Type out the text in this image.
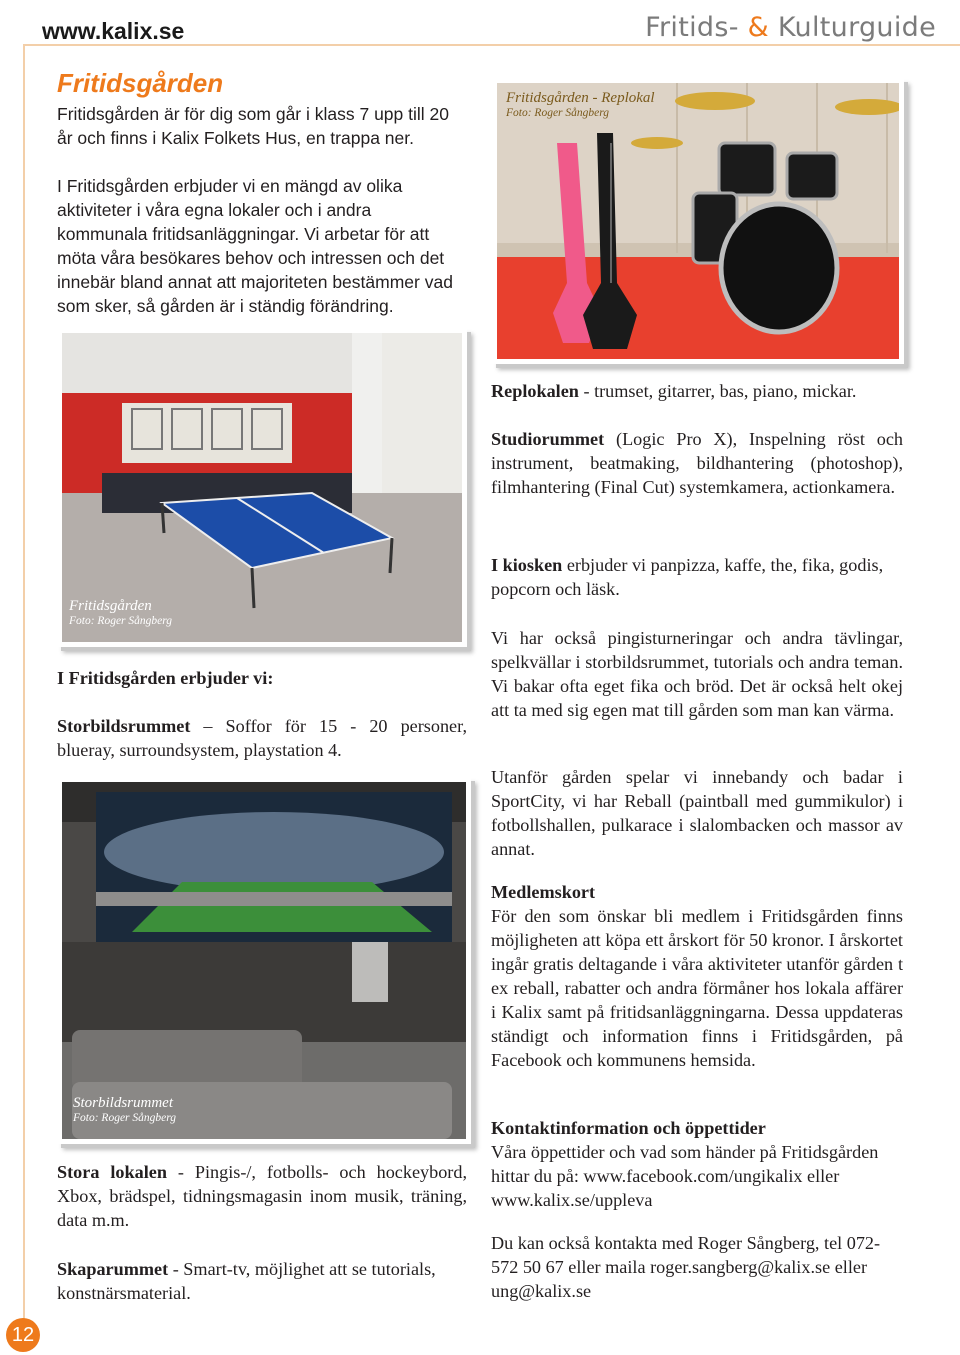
www.kalix.se	Fritids- & Kulturguide
Fritidsgården

Fritidsgården är för dig som går i klass 7 upp till 20 år och finns i Kalix Folkets Hus, en trappa ner.

I Fritidsgården erbjuder vi en mängd av olika aktiviteter i våra egna lokaler och i andra kommunala fritidsanläggningar. Vi arbetar för att möta våra besökares behov och intressen och det innebär bland annat att majoriteten bestämmer vad som sker, så gården är i ständig förändring.

Fritidsgården - Replokal
Foto: Roger Sångberg
Fritidsgården
Foto: Roger Sångberg

I Fritidsgården erbjuder vi:

Storbildsrummet – Soffor för 15 - 20 personer, blueray, surroundsystem, playstation 4.

Storbildsrummet
Foto: Roger Sångberg

Stora lokalen - Pingis-/, fotbolls- och hockeybord, Xbox, brädspel, tidningsmagasin inom musik, träning, data m.m.

Skaparummet - Smart-tv, möjlighet att se tutorials, konstnärsmaterial.

Replokalen - trumset, gitarrer, bas, piano, mickar.

Studiorummet (Logic Pro X), Inspelning röst och instrument, beatmaking, bildhantering (photoshop), filmhantering (Final Cut) systemkamera, actionkamera.

I kiosken erbjuder vi panpizza, kaffe, the, fika, godis, popcorn och läsk.

Vi har också pingisturneringar och andra tävlingar, spelkvällar i storbildsrummet, tutorials och andra teman. Vi bakar ofta eget fika och bröd. Det är också helt okej att ta med sig egen mat till gården som man kan värma.

Utanför gården spelar vi innebandy och badar i SportCity, vi har Reball (paintball med gummikulor) i fotbollshallen, pulkarace i slalombacken och massor av annat.

Medlemskort

För den som önskar bli medlem i Fritidsgården finns möjligheten att köpa ett årskort för 50 kronor. I årskortet ingår gratis deltagande i våra aktiviteter utanför gården t ex reball, rabatter och andra förmåner hos lokala affärer i Kalix samt på fritidsanläggningarna. Dessa uppdateras ständigt och information finns i Fritidsgården, på Facebook och kommunens hemsida.

Kontaktinformation och öppettider

Våra öppettider och vad som händer på Fritidsgården hittar du på: www.facebook.com/ungikalix eller www.kalix.se/uppleva

Du kan också kontakta med Roger Sångberg, tel 072-572 50 67 eller maila roger.sangberg@kalix.se eller ung@kalix.se

12
